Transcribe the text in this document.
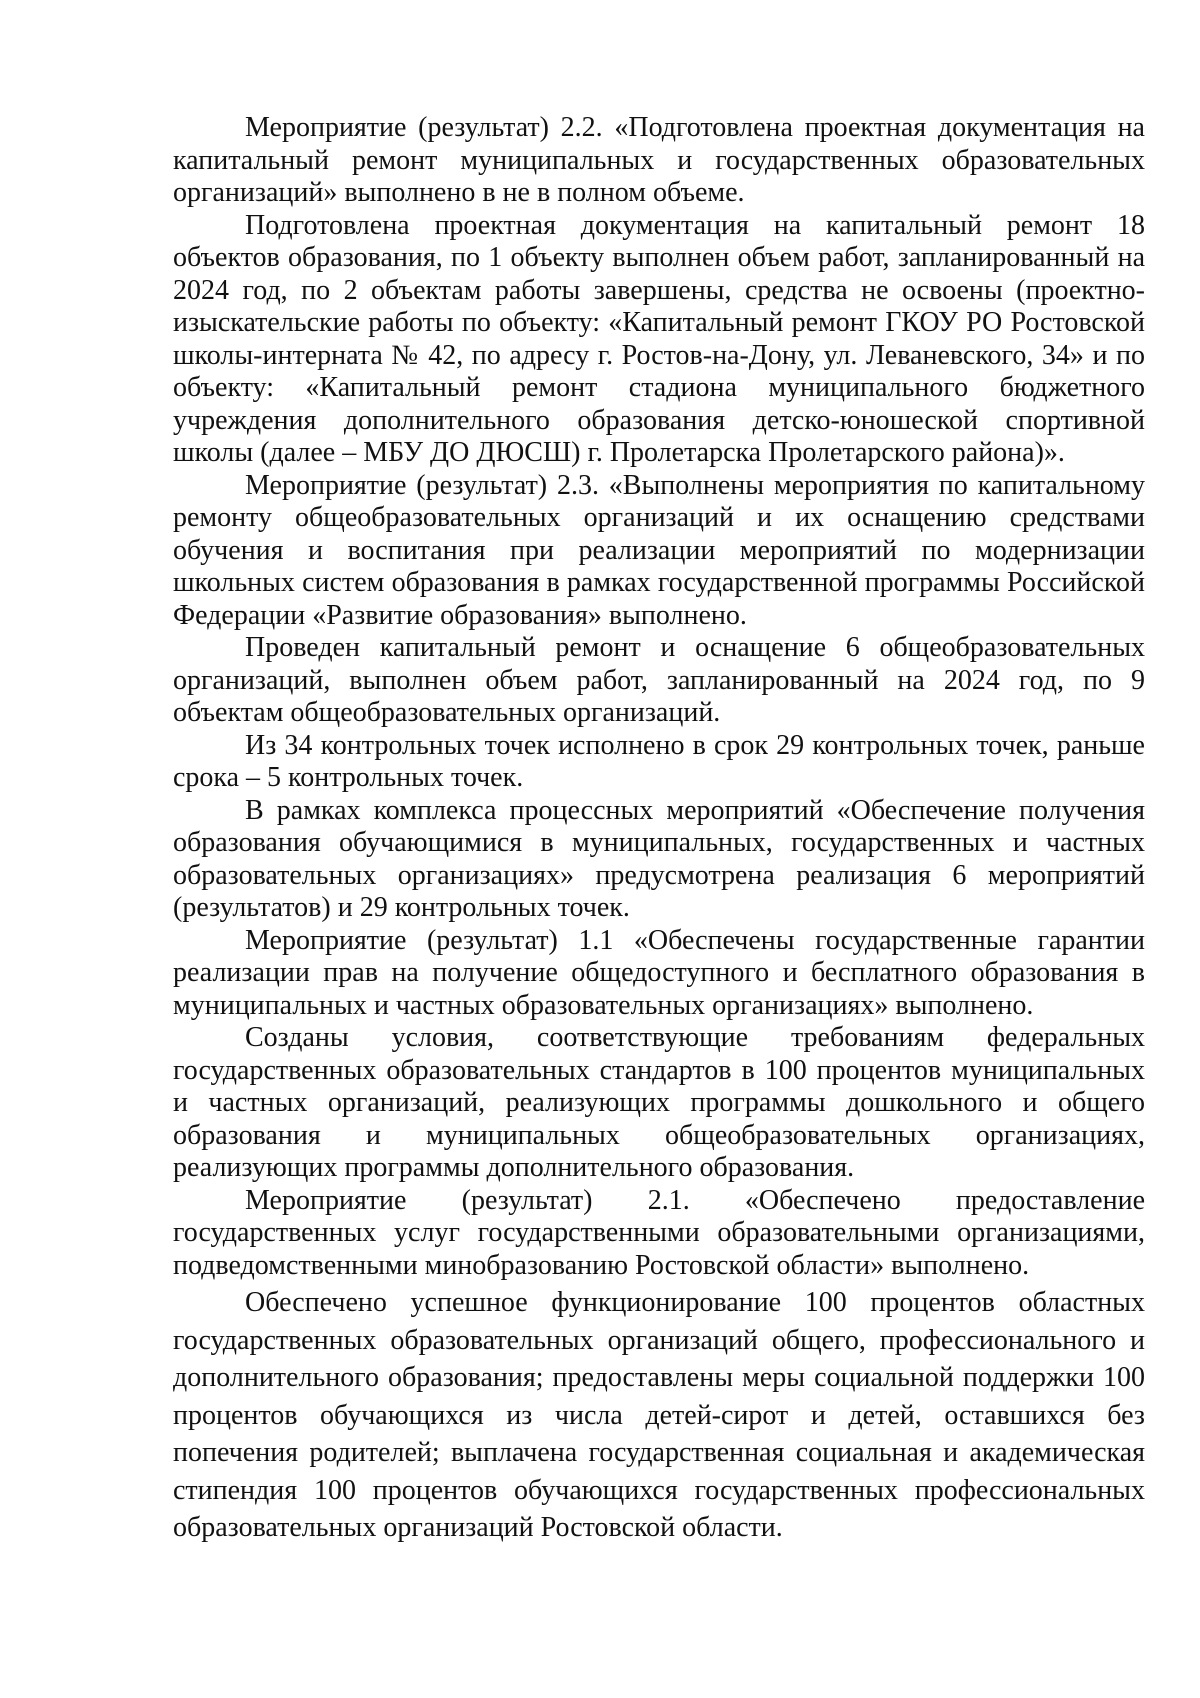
Мероприятие (результат) 2.2. «Подготовлена проектная документация на капитальный ремонт муниципальных и государственных образовательных организаций» выполнено в не в полном объеме.

Подготовлена проектная документация на капитальный ремонт 18 объектов образования, по 1 объекту выполнен объем работ, запланированный на 2024 год, по 2 объектам работы завершены, средства не освоены (проектно-изыскательские работы по объекту: «Капитальный ремонт ГКОУ РО Ростовской школы-интерната № 42, по адресу г. Ростов-на-Дону, ул. Леваневского, 34» и по объекту: «Капитальный ремонт стадиона муниципального бюджетного учреждения дополнительного образования детско-юношеской спортивной школы (далее – МБУ ДО ДЮСШ) г. Пролетарска Пролетарского района)».

Мероприятие (результат) 2.3. «Выполнены мероприятия по капитальному ремонту общеобразовательных организаций и их оснащению средствами обучения и воспитания при реализации мероприятий по модернизации школьных систем образования в рамках государственной программы Российской Федерации «Развитие образования» выполнено.

Проведен капитальный ремонт и оснащение 6 общеобразовательных организаций, выполнен объем работ, запланированный на 2024 год, по 9 объектам общеобразовательных организаций.

Из 34 контрольных точек исполнено в срок 29 контрольных точек, раньше срока – 5 контрольных точек.

В рамках комплекса процессных мероприятий «Обеспечение получения образования обучающимися в муниципальных, государственных и частных образовательных организациях» предусмотрена реализация 6 мероприятий (результатов) и 29 контрольных точек.

Мероприятие (результат) 1.1 «Обеспечены государственные гарантии реализации прав на получение общедоступного и бесплатного образования в муниципальных и частных образовательных организациях» выполнено.

Созданы условия, соответствующие требованиям федеральных государственных образовательных стандартов в 100 процентов муниципальных и частных организаций, реализующих программы дошкольного и общего образования и муниципальных общеобразовательных организациях, реализующих программы дополнительного образования.

Мероприятие (результат) 2.1. «Обеспечено предоставление государственных услуг государственными образовательными организациями, подведомственными минобразованию Ростовской области» выполнено.

Обеспечено успешное функционирование 100 процентов областных государственных образовательных организаций общего, профессионального и дополнительного образования; предоставлены меры социальной поддержки 100 процентов обучающихся из числа детей-сирот и детей, оставшихся без попечения родителей; выплачена государственная социальная и академическая стипендия 100 процентов обучающихся государственных профессиональных образовательных организаций Ростовской области.
